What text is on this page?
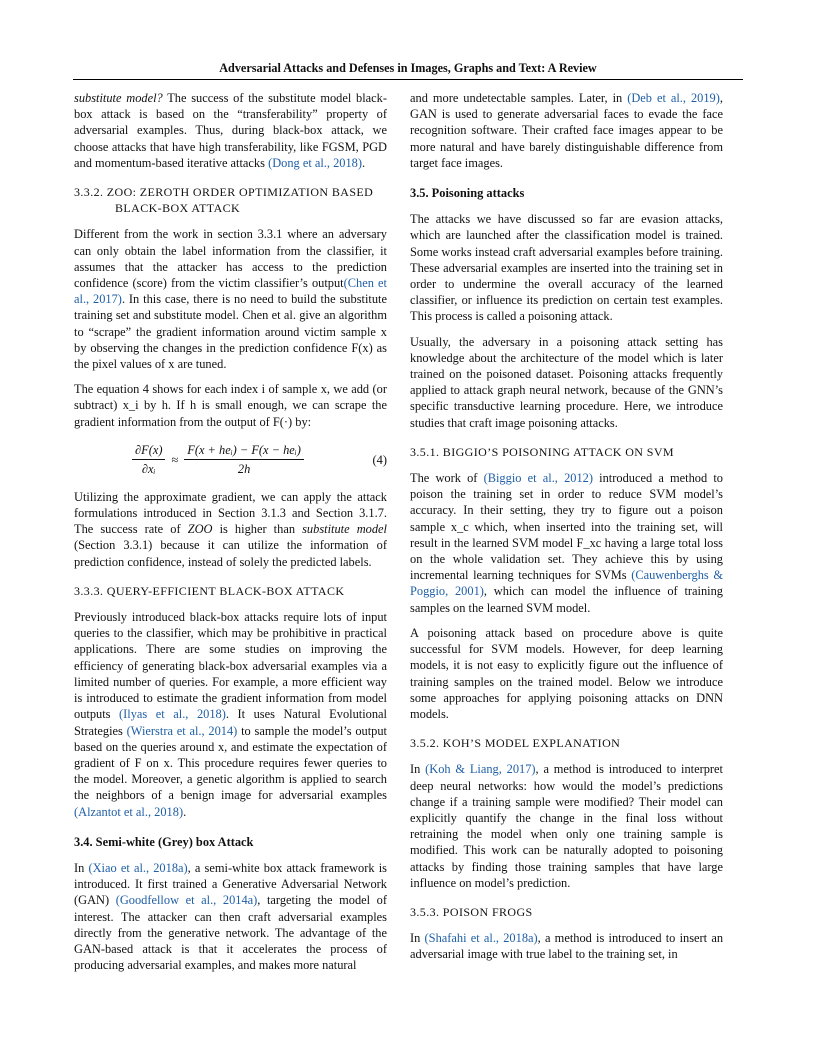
Adversarial Attacks and Defenses in Images, Graphs and Text: A Review

substitute model? The success of the substitute model black-box attack is based on the “transferability” property of adversarial examples. Thus, during black-box attack, we choose attacks that have high transferability, like FGSM, PGD and momentum-based iterative attacks (Dong et al., 2018).

3.3.2. ZOO: ZEROTH ORDER OPTIMIZATION BASED
BLACK-BOX ATTACK

Different from the work in section 3.3.1 where an adversary can only obtain the label information from the classifier, it assumes that the attacker has access to the prediction confidence (score) from the victim classifier’s output(Chen et al., 2017). In this case, there is no need to build the substitute training set and substitute model. Chen et al. give an algorithm to “scrape” the gradient information around victim sample x by observing the changes in the prediction confidence F(x) as the pixel values of x are tuned.

The equation 4 shows for each index i of sample x, we add (or subtract) x_i by h. If h is small enough, we can scrape the gradient information from the output of F(·) by:

$\frac{\partial F(x)}{\text{∂xᵢ}} \approx \frac{\text{F(x + heᵢ) − F(x − heᵢ)}}{2h}$	(4)

Utilizing the approximate gradient, we can apply the attack formulations introduced in Section 3.1.3 and Section 3.1.7. The success rate of ZOO is higher than substitute model (Section 3.3.1) because it can utilize the information of prediction confidence, instead of solely the predicted labels.

3.3.3. QUERY-EFFICIENT BLACK-BOX ATTACK

Previously introduced black-box attacks require lots of input queries to the classifier, which may be prohibitive in practical applications. There are some studies on improving the efficiency of generating black-box adversarial examples via a limited number of queries. For example, a more efficient way is introduced to estimate the gradient information from model outputs (Ilyas et al., 2018). It uses Natural Evolutional Strategies (Wierstra et al., 2014) to sample the model’s output based on the queries around x, and estimate the expectation of gradient of F on x. This procedure requires fewer queries to the model. Moreover, a genetic algorithm is applied to search the neighbors of a benign image for adversarial examples (Alzantot et al., 2018).

3.4. Semi-white (Grey) box Attack

In (Xiao et al., 2018a), a semi-white box attack framework is introduced. It first trained a Generative Adversarial Network (GAN) (Goodfellow et al., 2014a), targeting the model of interest. The attacker can then craft adversarial examples directly from the generative network. The advantage of the GAN-based attack is that it accelerates the process of producing adversarial examples, and makes more natural

and more undetectable samples. Later, in (Deb et al., 2019), GAN is used to generate adversarial faces to evade the face recognition software. Their crafted face images appear to be more natural and have barely distinguishable difference from target face images.

3.5. Poisoning attacks

The attacks we have discussed so far are evasion attacks, which are launched after the classification model is trained. Some works instead craft adversarial examples before training. These adversarial examples are inserted into the training set in order to undermine the overall accuracy of the learned classifier, or influence its prediction on certain test examples. This process is called a poisoning attack.

Usually, the adversary in a poisoning attack setting has knowledge about the architecture of the model which is later trained on the poisoned dataset. Poisoning attacks frequently applied to attack graph neural network, because of the GNN’s specific transductive learning procedure. Here, we introduce studies that craft image poisoning attacks.

3.5.1. BIGGIO’S POISONING ATTACK ON SVM

The work of (Biggio et al., 2012) introduced a method to poison the training set in order to reduce SVM model’s accuracy. In their setting, they try to figure out a poison sample x_c which, when inserted into the training set, will result in the learned SVM model F_xc having a large total loss on the whole validation set. They achieve this by using incremental learning techniques for SVMs (Cauwenberghs & Poggio, 2001), which can model the influence of training samples on the learned SVM model.

A poisoning attack based on procedure above is quite successful for SVM models. However, for deep learning models, it is not easy to explicitly figure out the influence of training samples on the trained model. Below we introduce some approaches for applying poisoning attacks on DNN models.

3.5.2. KOH’S MODEL EXPLANATION

In (Koh & Liang, 2017), a method is introduced to interpret deep neural networks: how would the model’s predictions change if a training sample were modified? Their model can explicitly quantify the change in the final loss without retraining the model when only one training sample is modified. This work can be naturally adopted to poisoning attacks by finding those training samples that have large influence on model’s prediction.

3.5.3. POISON FROGS

In (Shafahi et al., 2018a), a method is introduced to insert an adversarial image with true label to the training set, in
